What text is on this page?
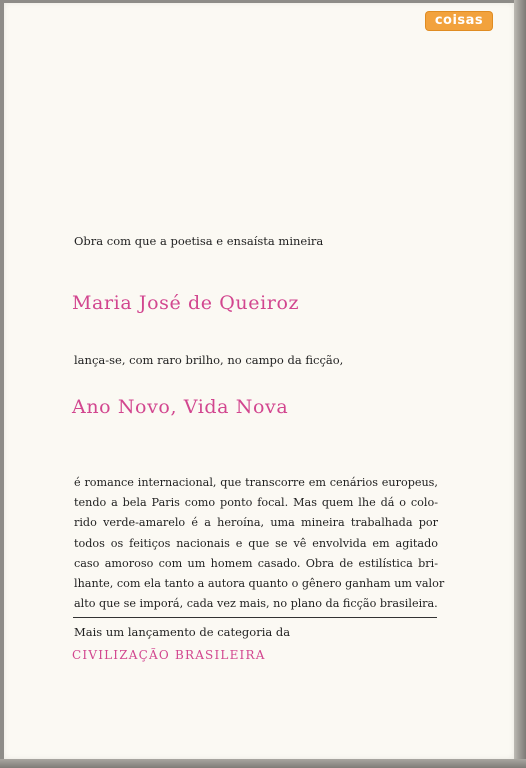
coisas
Obra com que a poetisa e ensaísta mineira
Maria José de Queiroz
lança-se, com raro brilho, no campo da ficção,
Ano Novo, Vida Nova
é romance internacional, que transcorre em cenários europeus,
tendo a bela Paris como ponto focal. Mas quem lhe dá o colo-
rido verde-amarelo é a heroína, uma mineira trabalhada por
todos os feitiços nacionais e que se vê envolvida em agitado
caso amoroso com um homem casado. Obra de estilística bri-
lhante, com ela tanto a autora quanto o gênero ganham um valor
alto que se imporá, cada vez mais, no plano da ficção brasileira.
Mais um lançamento de categoria da
CIVILIZAÇÃO BRASILEIRA
